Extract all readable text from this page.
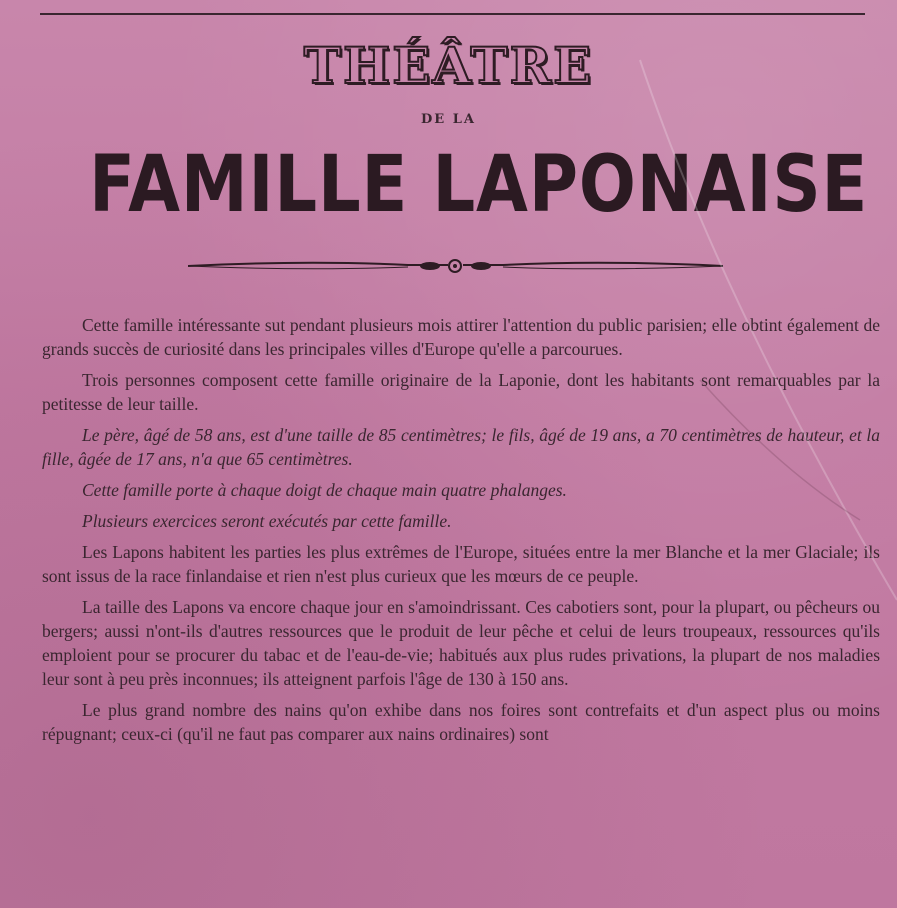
THÉÂTRE
DE LA
FAMILLE LAPONAISE

Cette famille intéressante sut pendant plusieurs mois attirer l'attention du public parisien; elle obtint également de grands succès de curiosité dans les principales villes d'Europe qu'elle a parcourues.

Trois personnes composent cette famille originaire de la Laponie, dont les habitants sont remarquables par la petitesse de leur taille.

Le père, âgé de 58 ans, est d'une taille de 85 centimètres; le fils, âgé de 19 ans, a 70 centimètres de hauteur, et la fille, âgée de 17 ans, n'a que 65 centimètres.

Cette famille porte à chaque doigt de chaque main quatre phalanges.

Plusieurs exercices seront exécutés par cette famille.

Les Lapons habitent les parties les plus extrêmes de l'Europe, situées entre la mer Blanche et la mer Glaciale; ils sont issus de la race finlandaise et rien n'est plus curieux que les mœurs de ce peuple.

La taille des Lapons va encore chaque jour en s'amoindrissant. Ces cabotiers sont, pour la plupart, ou pêcheurs ou bergers; aussi n'ont-ils d'autres ressources que le produit de leur pêche et celui de leurs troupeaux, ressources qu'ils emploient pour se procurer du tabac et de l'eau-de-vie; habitués aux plus rudes privations, la plupart de nos maladies leur sont à peu près inconnues; ils atteignent parfois l'âge de 130 à 150 ans.

Le plus grand nombre des nains qu'on exhibe dans nos foires sont contrefaits et d'un aspect plus ou moins répugnant; ceux-ci (qu'il ne faut pas comparer aux nains ordinaires) sont
